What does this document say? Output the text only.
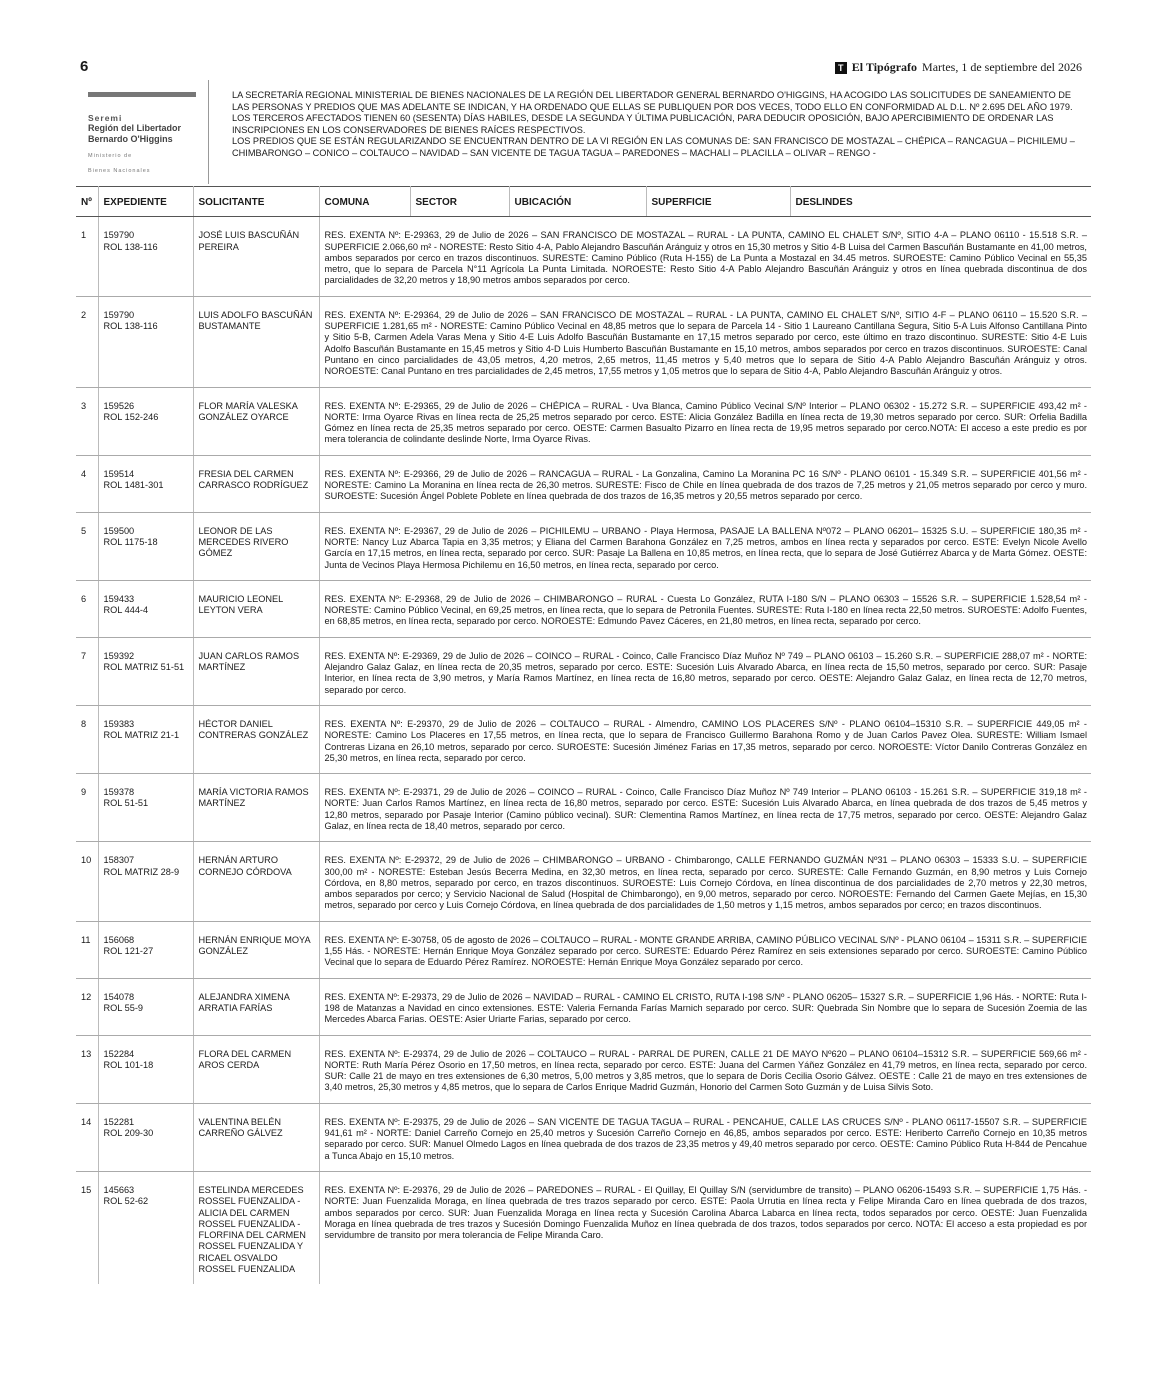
6	T El Tipógrafo Martes, 1 de septiembre del 2026
Seremi
Región del Libertador
Bernardo O'Higgins
Ministerio de
Bienes Nacionales

LA SECRETARÍA REGIONAL MINISTERIAL DE BIENES NACIONALES DE LA REGIÓN DEL LIBERTADOR GENERAL BERNARDO O'HIGGINS, HA ACOGIDO LAS SOLICITUDES DE SANEAMIENTO DE LAS PERSONAS Y PREDIOS QUE MAS ADELANTE SE INDICAN, Y HA ORDENADO QUE ELLAS SE PUBLIQUEN POR DOS VECES, TODO ELLO EN CONFORMIDAD AL D.L. Nº 2.695 DEL AÑO 1979.

LOS TERCEROS AFECTADOS TIENEN 60 (SESENTA) DÍAS HABILES, DESDE LA SEGUNDA Y ÚLTIMA PUBLICACIÓN, PARA DEDUCIR OPOSICIÓN, BAJO APERCIBIMIENTO DE ORDENAR LAS INSCRIPCIONES EN LOS CONSERVADORES DE BIENES RAÍCES RESPECTIVOS.

LOS PREDIOS QUE SE ESTÁN REGULARIZANDO SE ENCUENTRAN DENTRO DE LA VI REGIÓN EN LAS COMUNAS DE: SAN FRANCISCO DE MOSTAZAL – CHÉPICA – RANCAGUA – PICHILEMU – CHIMBARONGO – CONICO – COLTAUCO – NAVIDAD – SAN VICENTE DE TAGUA TAGUA – PAREDONES – MACHALI – PLACILLA – OLIVAR – RENGO -

Nº	EXPEDIENTE	SOLICITANTE	COMUNA	SECTOR	UBICACIÓN	SUPERFICIE	DESLINDES
1	159790
ROL 138-116	JOSÉ LUIS BASCUÑÁN PEREIRA	RES. EXENTA Nº: E-29363, 29 de Julio de 2026 – SAN FRANCISCO DE MOSTAZAL – RURAL - LA PUNTA, CAMINO EL CHALET S/Nº, SITIO 4-A – PLANO 06110 - 15.518 S.R. – SUPERFICIE 2.066,60 m² - NORESTE: Resto Sitio 4-A, Pablo Alejandro Bascuñán Aránguiz y otros en 15,30 metros y Sitio 4-B Luisa del Carmen Bascuñán Bustamante en 41,00 metros, ambos separados por cerco en trazos discontinuos. SURESTE: Camino Público (Ruta H-155) de La Punta a Mostazal en 34.45 metros. SUROESTE: Camino Público Vecinal en 55,35 metro, que lo separa de Parcela N°11 Agrícola La Punta Limitada. NOROESTE: Resto Sitio 4-A Pablo Alejandro Bascuñán Aránguiz y otros en línea quebrada discontinua de dos parcialidades de 32,20 metros y 18,90 metros ambos separados por cerco.				
2	159790
ROL 138-116	LUIS ADOLFO BASCUÑÁN BUSTAMANTE	RES. EXENTA Nº: E-29364, 29 de Julio de 2026 – SAN FRANCISCO DE MOSTAZAL – RURAL - LA PUNTA, CAMINO EL CHALET S/Nº, SITIO 4-F – PLANO 06110 – 15.520 S.R. – SUPERFICIE 1.281,65 m² - NORESTE: Camino Público Vecinal en 48,85 metros que lo separa de Parcela 14 - Sitio 1 Laureano Cantillana Segura, Sitio 5-A Luis Alfonso Cantillana Pinto y Sitio 5-B, Carmen Adela Varas Mena y Sitio 4-E Luis Adolfo Bascuñán Bustamante en 17,15 metros separado por cerco, este último en trazo discontinuo. SURESTE: Sitio 4-E Luis Adolfo Bascuñán Bustamante en 15,45 metros y Sitio 4-D Luis Humberto Bascuñán Bustamante en 15,10 metros, ambos separados por cerco en trazos discontinuos. SUROESTE: Canal Puntano en cinco parcialidades de 43,05 metros, 4,20 metros, 2,65 metros, 11,45 metros y 5,40 metros que lo separa de Sitio 4-A Pablo Alejandro Bascuñán Aránguiz y otros. NOROESTE: Canal Puntano en tres parcialidades de 2,45 metros, 17,55 metros y 1,05 metros que lo separa de Sitio 4-A, Pablo Alejandro Bascuñán Aránguiz y otros.				
3	159526
ROL 152-246	FLOR MARÍA VALESKA GONZÁLEZ OYARCE	RES. EXENTA Nº: E-29365, 29 de Julio de 2026 – CHÉPICA – RURAL - Uva Blanca, Camino Público Vecinal S/Nº Interior – PLANO 06302 - 15.272 S.R. – SUPERFICIE 493,42 m² - NORTE: Irma Oyarce Rivas en línea recta de 25,25 metros separado por cerco. ESTE: Alicia González Badilla en línea recta de 19,30 metros separado por cerco. SUR: Orfelia Badilla Gómez en línea recta de 25,35 metros separado por cerco. OESTE: Carmen Basualto Pizarro en línea recta de 19,95 metros separado por cerco.NOTA: El acceso a este predio es por mera tolerancia de colindante deslinde Norte, Irma Oyarce Rivas.				
4	159514
ROL 1481-301	FRESIA DEL CARMEN CARRASCO RODRÍGUEZ	RES. EXENTA Nº: E-29366, 29 de Julio de 2026 – RANCAGUA – RURAL - La Gonzalina, Camino La Moranina PC 16 S/Nº - PLANO 06101 - 15.349 S.R. – SUPERFICIE 401,56 m² - NORESTE: Camino La Moranina en línea recta de 26,30 metros. SURESTE: Fisco de Chile en línea quebrada de dos trazos de 7,25 metros y 21,05 metros separado por cerco y muro. SUROESTE: Sucesión Ángel Poblete Poblete en línea quebrada de dos trazos de 16,35 metros y 20,55 metros separado por cerco.				
5	159500
ROL 1175-18	LEONOR DE LAS MERCEDES RIVERO GÓMEZ	RES. EXENTA Nº: E-29367, 29 de Julio de 2026 – PICHILEMU – URBANO - Playa Hermosa, PASAJE LA BALLENA Nº072 – PLANO 06201– 15325 S.U. – SUPERFICIE 180,35 m² - NORTE: Nancy Luz Abarca Tapia en 3,35 metros; y Eliana del Carmen Barahona González en 7,25 metros, ambos en línea recta y separados por cerco. ESTE: Evelyn Nicole Avello García en 17,15 metros, en línea recta, separado por cerco. SUR: Pasaje La Ballena en 10,85 metros, en línea recta, que lo separa de José Gutiérrez Abarca y de Marta Gómez. OESTE: Junta de Vecinos Playa Hermosa Pichilemu en 16,50 metros, en línea recta, separado por cerco.				
6	159433
ROL 444-4	MAURICIO LEONEL LEYTON VERA	RES. EXENTA Nº: E-29368, 29 de Julio de 2026 – CHIMBARONGO – RURAL - Cuesta Lo González, RUTA I-180 S/N – PLANO 06303 – 15526 S.R. – SUPERFICIE 1.528,54 m² - NORESTE: Camino Público Vecinal, en 69,25 metros, en línea recta, que lo separa de Petronila Fuentes. SURESTE: Ruta I-180 en línea recta 22,50 metros. SUROESTE: Adolfo Fuentes, en 68,85 metros, en línea recta, separado por cerco. NOROESTE: Edmundo Pavez Cáceres, en 21,80 metros, en línea recta, separado por cerco.				
7	159392
ROL MATRIZ 51-51	JUAN CARLOS RAMOS MARTÍNEZ	RES. EXENTA Nº: E-29369, 29 de Julio de 2026 – COINCO – RURAL - Coinco, Calle Francisco Díaz Muñoz Nº 749 – PLANO 06103 – 15.260 S.R. – SUPERFICIE 288,07 m² - NORTE: Alejandro Galaz Galaz, en línea recta de 20,35 metros, separado por cerco. ESTE: Sucesión Luis Alvarado Abarca, en línea recta de 15,50 metros, separado por cerco. SUR: Pasaje Interior, en línea recta de 3,90 metros, y María Ramos Martínez, en línea recta de 16,80 metros, separado por cerco. OESTE: Alejandro Galaz Galaz, en línea recta de 12,70 metros, separado por cerco.				
8	159383
ROL MATRIZ 21-1	HÉCTOR DANIEL CONTRERAS GONZÁLEZ	RES. EXENTA Nº: E-29370, 29 de Julio de 2026 – COLTAUCO – RURAL - Almendro, CAMINO LOS PLACERES S/Nº - PLANO 06104–15310 S.R. – SUPERFICIE 449,05 m² - NORESTE: Camino Los Placeres en 17,55 metros, en línea recta, que lo separa de Francisco Guillermo Barahona Romo y de Juan Carlos Pavez Olea. SURESTE: William Ismael Contreras Lizana en 26,10 metros, separado por cerco. SUROESTE: Sucesión Jiménez Farias en 17,35 metros, separado por cerco. NOROESTE: Víctor Danilo Contreras González en 25,30 metros, en línea recta, separado por cerco.				
9	159378
ROL 51-51	MARÍA VICTORIA RAMOS MARTÍNEZ	RES. EXENTA Nº: E-29371, 29 de Julio de 2026 – COINCO – RURAL - Coinco, Calle Francisco Díaz Muñoz Nº 749 Interior – PLANO 06103 - 15.261 S.R. – SUPERFICIE 319,18 m² - NORTE: Juan Carlos Ramos Martínez, en línea recta de 16,80 metros, separado por cerco. ESTE: Sucesión Luis Alvarado Abarca, en línea quebrada de dos trazos de 5,45 metros y 12,80 metros, separado por Pasaje Interior (Camino público vecinal). SUR: Clementina Ramos Martínez, en línea recta de 17,75 metros, separado por cerco. OESTE: Alejandro Galaz Galaz, en línea recta de 18,40 metros, separado por cerco.				
10	158307
ROL MATRIZ 28-9	HERNÁN ARTURO CORNEJO CÓRDOVA	RES. EXENTA Nº: E-29372, 29 de Julio de 2026 – CHIMBARONGO – URBANO - Chimbarongo, CALLE FERNANDO GUZMÁN Nº31 – PLANO 06303 – 15333 S.U. – SUPERFICIE 300,00 m² - NORESTE: Esteban Jesús Becerra Medina, en 32,30 metros, en línea recta, separado por cerco. SURESTE: Calle Fernando Guzmán, en 8,90 metros y Luis Cornejo Córdova, en 8,80 metros, separado por cerco, en trazos discontinuos. SUROESTE: Luis Cornejo Córdova, en línea discontinua de dos parcialidades de 2,70 metros y 22,30 metros, ambos separados por cerco; y Servicio Nacional de Salud (Hospital de Chimbarongo), en 9,00 metros, separado por cerco. NOROESTE: Fernando del Carmen Gaete Mejías, en 15,30 metros, separado por cerco y Luis Cornejo Córdova, en línea quebrada de dos parcialidades de 1,50 metros y 1,15 metros, ambos separados por cerco; en trazos discontinuos.				
11	156068
ROL 121-27	HERNÁN ENRIQUE MOYA GONZÁLEZ	RES. EXENTA Nº: E-30758, 05 de agosto de 2026 – COLTAUCO – RURAL - MONTE GRANDE ARRIBA, CAMINO PÚBLICO VECINAL S/Nº - PLANO 06104 – 15311 S.R. – SUPERFICIE 1,55 Hás. - NORESTE: Hernán Enrique Moya González separado por cerco. SURESTE: Eduardo Pérez Ramírez en seis extensiones separado por cerco. SUROESTE: Camino Público Vecinal que lo separa de Eduardo Pérez Ramírez. NOROESTE: Hernán Enrique Moya González separado por cerco.				
12	154078
ROL 55-9	ALEJANDRA XIMENA ARRATIA FARÍAS	RES. EXENTA Nº: E-29373, 29 de Julio de 2026 – NAVIDAD – RURAL - CAMINO EL CRISTO, RUTA I-198 S/Nº - PLANO 06205– 15327 S.R. – SUPERFICIE 1,96 Hás. - NORTE: Ruta I-198 de Matanzas a Navidad en cinco extensiones. ESTE: Valeria Fernanda Farías Marnich separado por cerco. SUR: Quebrada Sin Nombre que lo separa de Sucesión Zoemia de las Mercedes Abarca Farias. OESTE: Asier Uriarte Farias, separado por cerco.				
13	152284
ROL 101-18	FLORA DEL CARMEN AROS CERDA	RES. EXENTA Nº: E-29374, 29 de Julio de 2026 – COLTAUCO – RURAL - PARRAL DE PUREN, CALLE 21 DE MAYO Nº620 – PLANO 06104–15312 S.R. – SUPERFICIE 569,66 m² - NORTE: Ruth María Pérez Osorio en 17,50 metros, en línea recta, separado por cerco. ESTE: Juana del Carmen Yáñez González en 41,79 metros, en línea recta, separado por cerco. SUR: Calle 21 de mayo en tres extensiones de 6,30 metros, 5,00 metros y 3,85 metros, que lo separa de Doris Cecilia Osorio Gálvez. OESTE : Calle 21 de mayo en tres extensiones de 3,40 metros, 25,30 metros y 4,85 metros, que lo separa de Carlos Enrique Madrid Guzmán, Honorio del Carmen Soto Guzmán y de Luisa Silvis Soto.				
14	152281
ROL 209-30	VALENTINA BELÉN CARREÑO GÁLVEZ	RES. EXENTA Nº: E-29375, 29 de Julio de 2026 – SAN VICENTE DE TAGUA TAGUA – RURAL - PENCAHUE, CALLE LAS CRUCES S/Nº - PLANO 06117-15507 S.R. – SUPERFICIE 941,61 m² - NORTE: Daniel Carreño Cornejo en 25,40 metros y Sucesión Carreño Cornejo en 46,85, ambos separados por cerco. ESTE: Heriberto Carreño Cornejo en 10,35 metros separado por cerco. SUR: Manuel Olmedo Lagos en línea quebrada de dos trazos de 23,35 metros y 49,40 metros separado por cerco. OESTE: Camino Público Ruta H-844 de Pencahue a Tunca Abajo en 15,10 metros.				
15	145663
ROL 52-62	ESTELINDA MERCEDES ROSSEL FUENZALIDA - ALICIA DEL CARMEN ROSSEL FUENZALIDA - FLORFINA DEL CARMEN ROSSEL FUENZALIDA Y RICAEL OSVALDO ROSSEL FUENZALIDA	RES. EXENTA Nº: E-29376, 29 de Julio de 2026 – PAREDONES – RURAL - El Quillay, El Quillay S/N (servidumbre de transito) – PLANO 06206-15493 S.R. – SUPERFICIE 1,75 Hás. - NORTE: Juan Fuenzalida Moraga, en línea quebrada de tres trazos separado por cerco. ESTE: Paola Urrutia en línea recta y Felipe Miranda Caro en línea quebrada de dos trazos, ambos separados por cerco. SUR: Juan Fuenzalida Moraga en línea recta y Sucesión Carolina Abarca Labarca en línea recta, todos separados por cerco. OESTE: Juan Fuenzalida Moraga en línea quebrada de tres trazos y Sucesión Domingo Fuenzalida Muñoz en línea quebrada de dos trazos, todos separados por cerco. NOTA: El acceso a esta propiedad es por servidumbre de transito por mera tolerancia de Felipe Miranda Caro.				
